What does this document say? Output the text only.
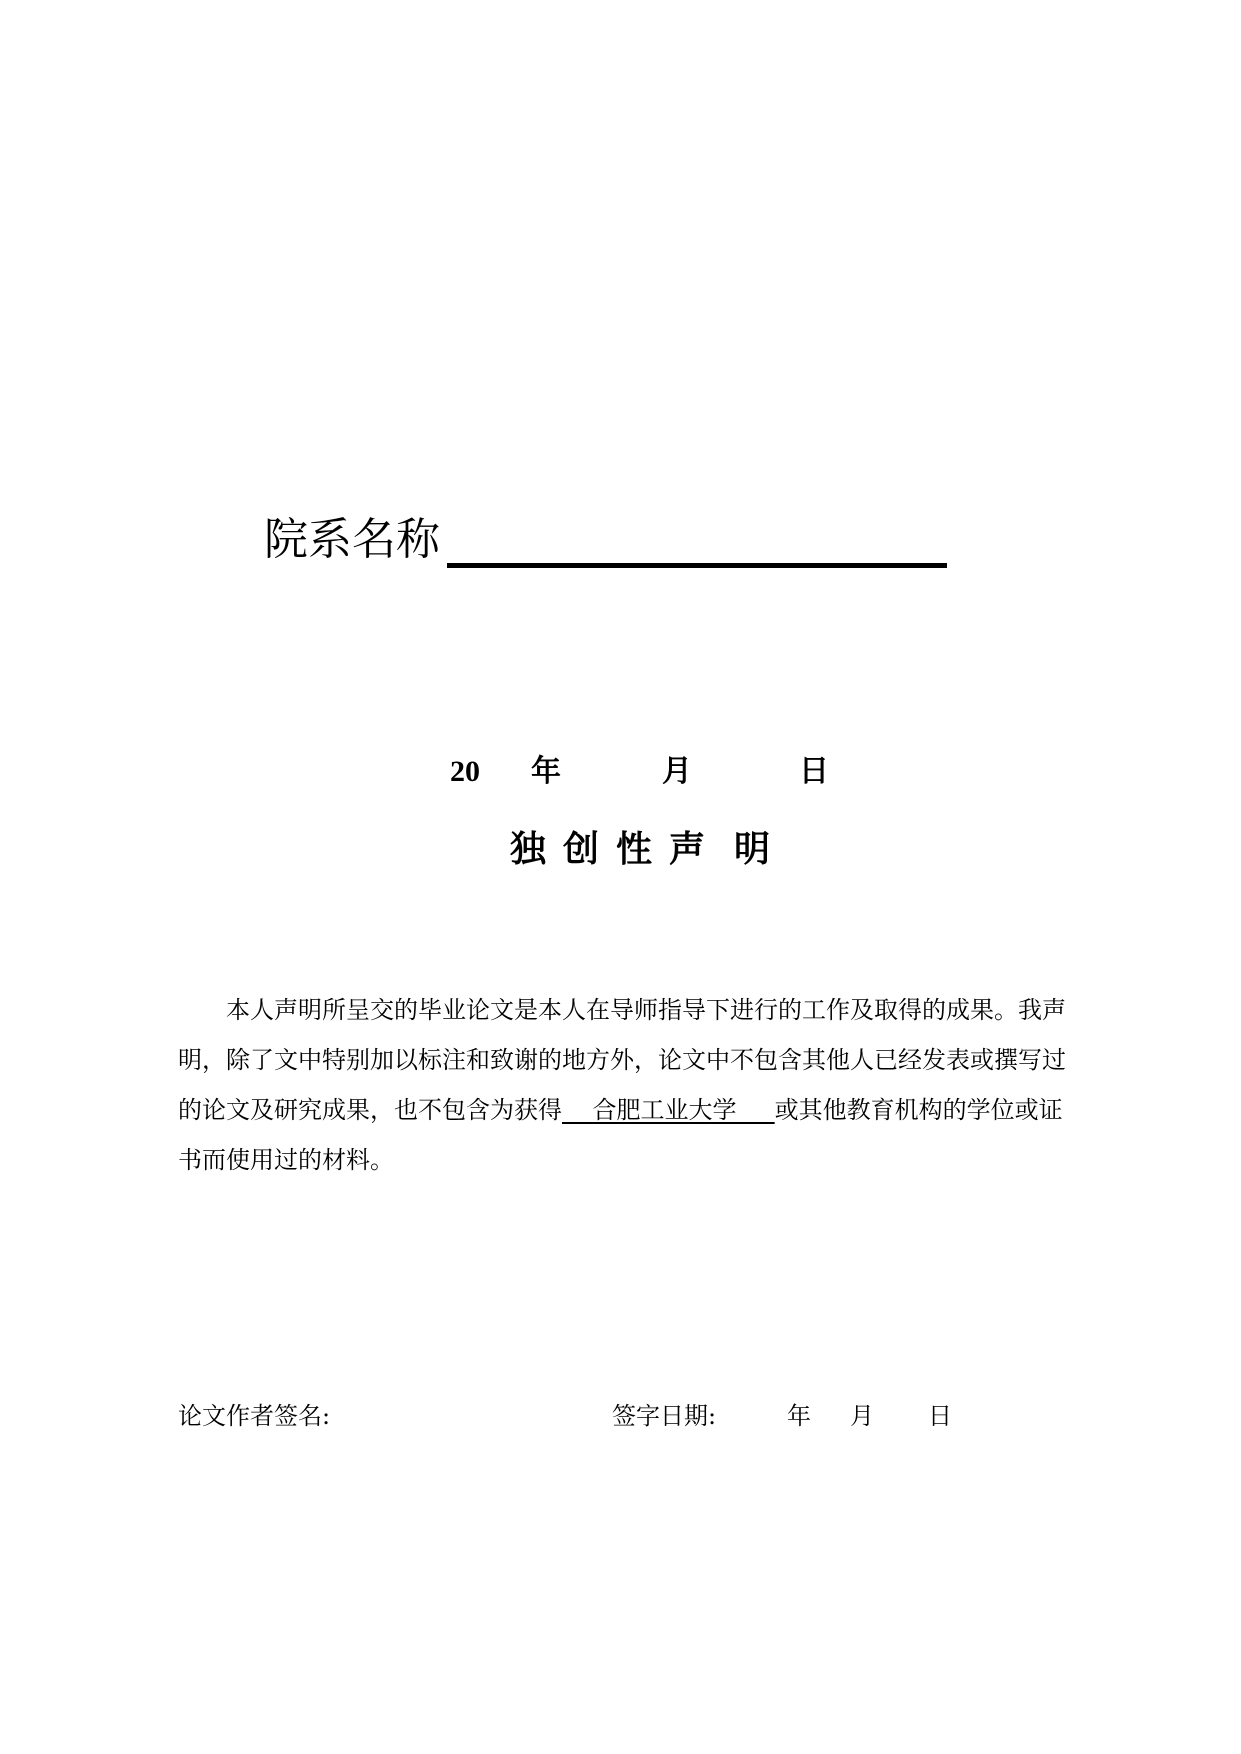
院系名称
20 年	月	日
独 创 性 声 明
本人声明所呈交的毕业论文是本人在导师指导下进行的工作及取得的成果。我声
明，除了文中特别加以标注和致谢的地方外，论文中不包含其他人已经发表或撰写过
的论文及研究成果，也不包含为获得 合肥工业大学 或其他教育机构的学位或证
书而使用过的材料。
论文作者签名:	签字日期:	年 月 日
